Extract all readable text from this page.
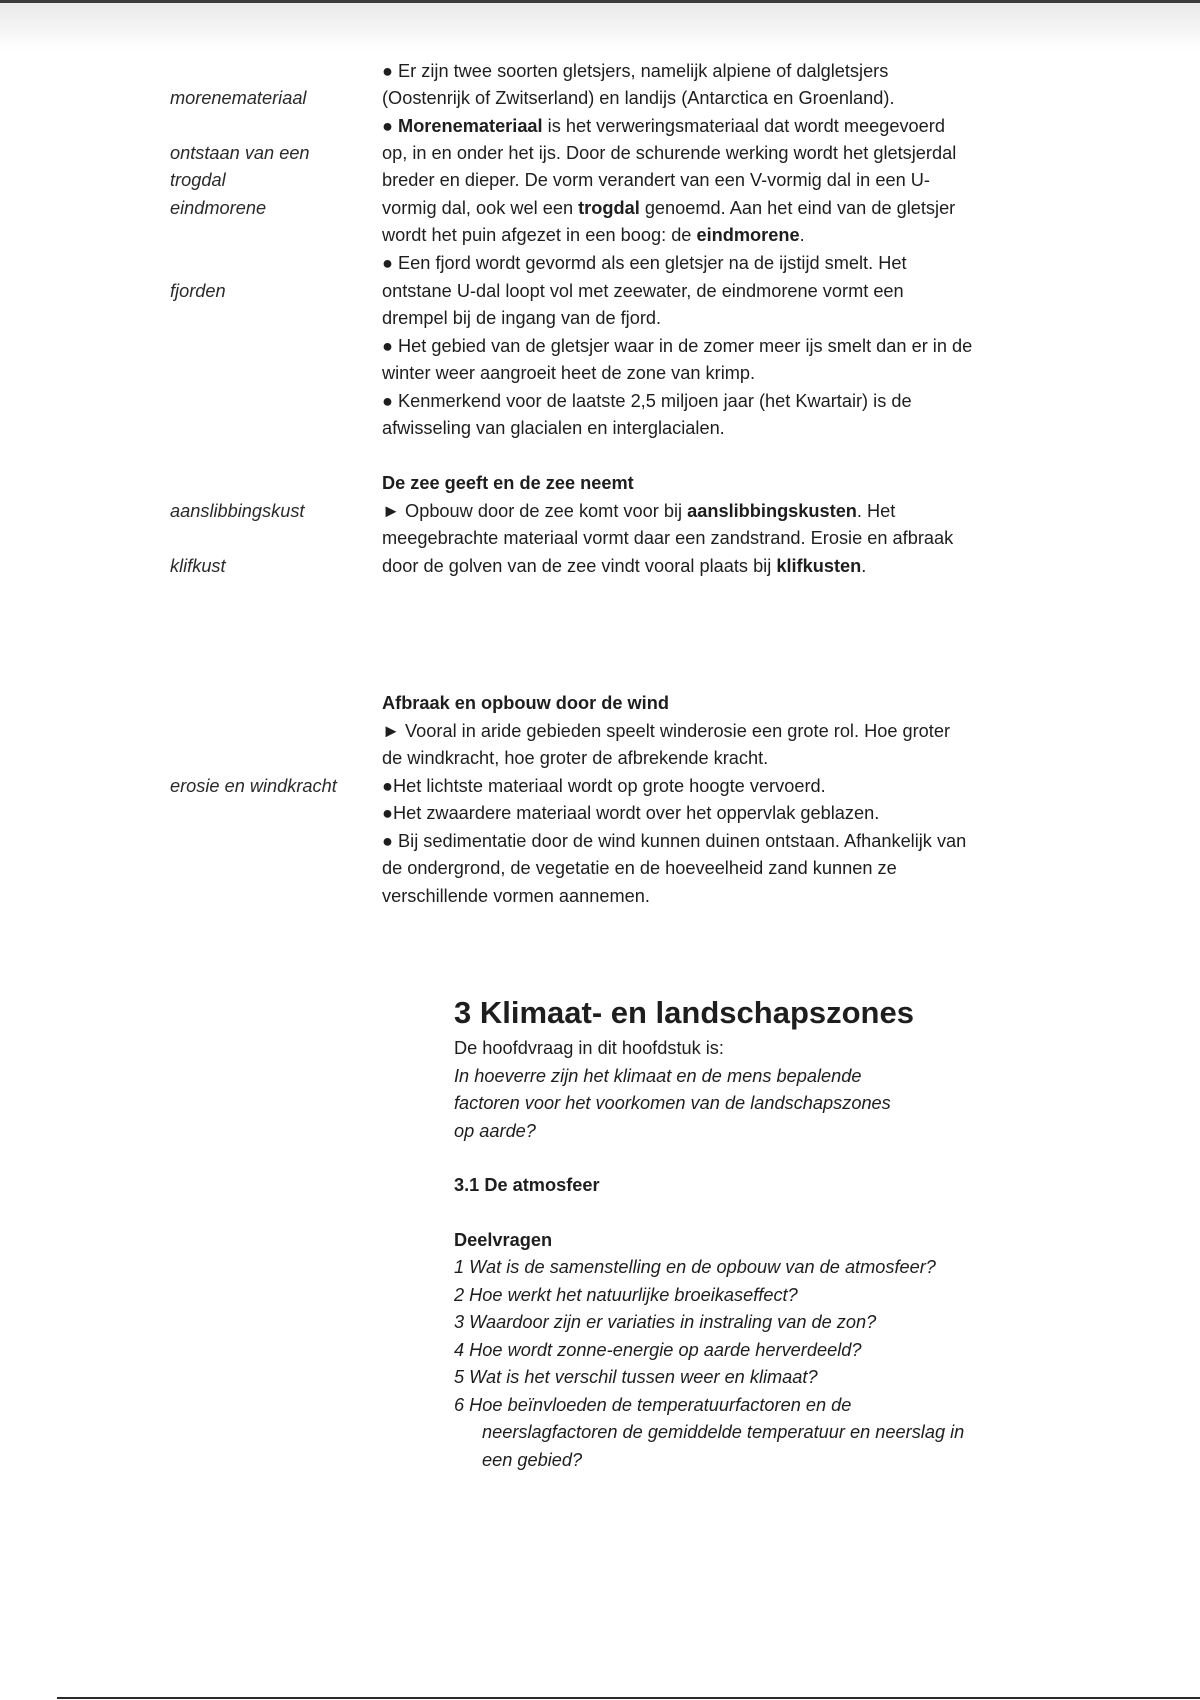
morenemateriaal
ontstaan van een
trogdal
eindmorene
fjorden
● Er zijn twee soorten gletsjers, namelijk alpiene of dalgletsjers
(Oostenrijk of Zwitserland) en landijs (Antarctica en Groenland).
● Morenemateriaal is het verweringsmateriaal dat wordt meegevoerd
op, in en onder het ijs. Door de schurende werking wordt het gletsjerdal
breder en dieper. De vorm verandert van een V-vormig dal in een U-
vormig dal, ook wel een trogdal genoemd. Aan het eind van de gletsjer
wordt het puin afgezet in een boog: de eindmorene.
● Een fjord wordt gevormd als een gletsjer na de ijstijd smelt. Het
ontstane U-dal loopt vol met zeewater, de eindmorene vormt een
drempel bij de ingang van de fjord.
● Het gebied van de gletsjer waar in de zomer meer ijs smelt dan er in de
winter weer aangroeit heet de zone van krimp.
● Kenmerkend voor de laatste 2,5 miljoen jaar (het Kwartair) is de
afwisseling van glacialen en interglacialen.
De zee geeft en de zee neemt
aanslibbingskust
klifkust
► Opbouw door de zee komt voor bij aanslibbingskusten. Het
meegebrachte materiaal vormt daar een zandstrand. Erosie en afbraak
door de golven van de zee vindt vooral plaats bij klifkusten.
Afbraak en opbouw door de wind
erosie en windkracht
► Vooral in aride gebieden speelt winderosie een grote rol. Hoe groter
de windkracht, hoe groter de afbrekende kracht.
●Het lichtste materiaal wordt op grote hoogte vervoerd.
●Het zwaardere materiaal wordt over het oppervlak geblazen.
● Bij sedimentatie door de wind kunnen duinen ontstaan. Afhankelijk van
de ondergrond, de vegetatie en de hoeveelheid zand kunnen ze
verschillende vormen aannemen.
3 Klimaat- en landschapszones
De hoofdvraag in dit hoofdstuk is:
In hoeverre zijn het klimaat en de mens bepalende
factoren voor het voorkomen van de landschapszones
op aarde?
3.1 De atmosfeer
Deelvragen
1 Wat is de samenstelling en de opbouw van de atmosfeer?
2 Hoe werkt het natuurlijke broeikaseffect?
3 Waardoor zijn er variaties in instraling van de zon?
4 Hoe wordt zonne-energie op aarde herverdeeld?
5 Wat is het verschil tussen weer en klimaat?
6 Hoe beïnvloeden de temperatuurfactoren en de
neerslagfactoren de gemiddelde temperatuur en neerslag in
een gebied?
